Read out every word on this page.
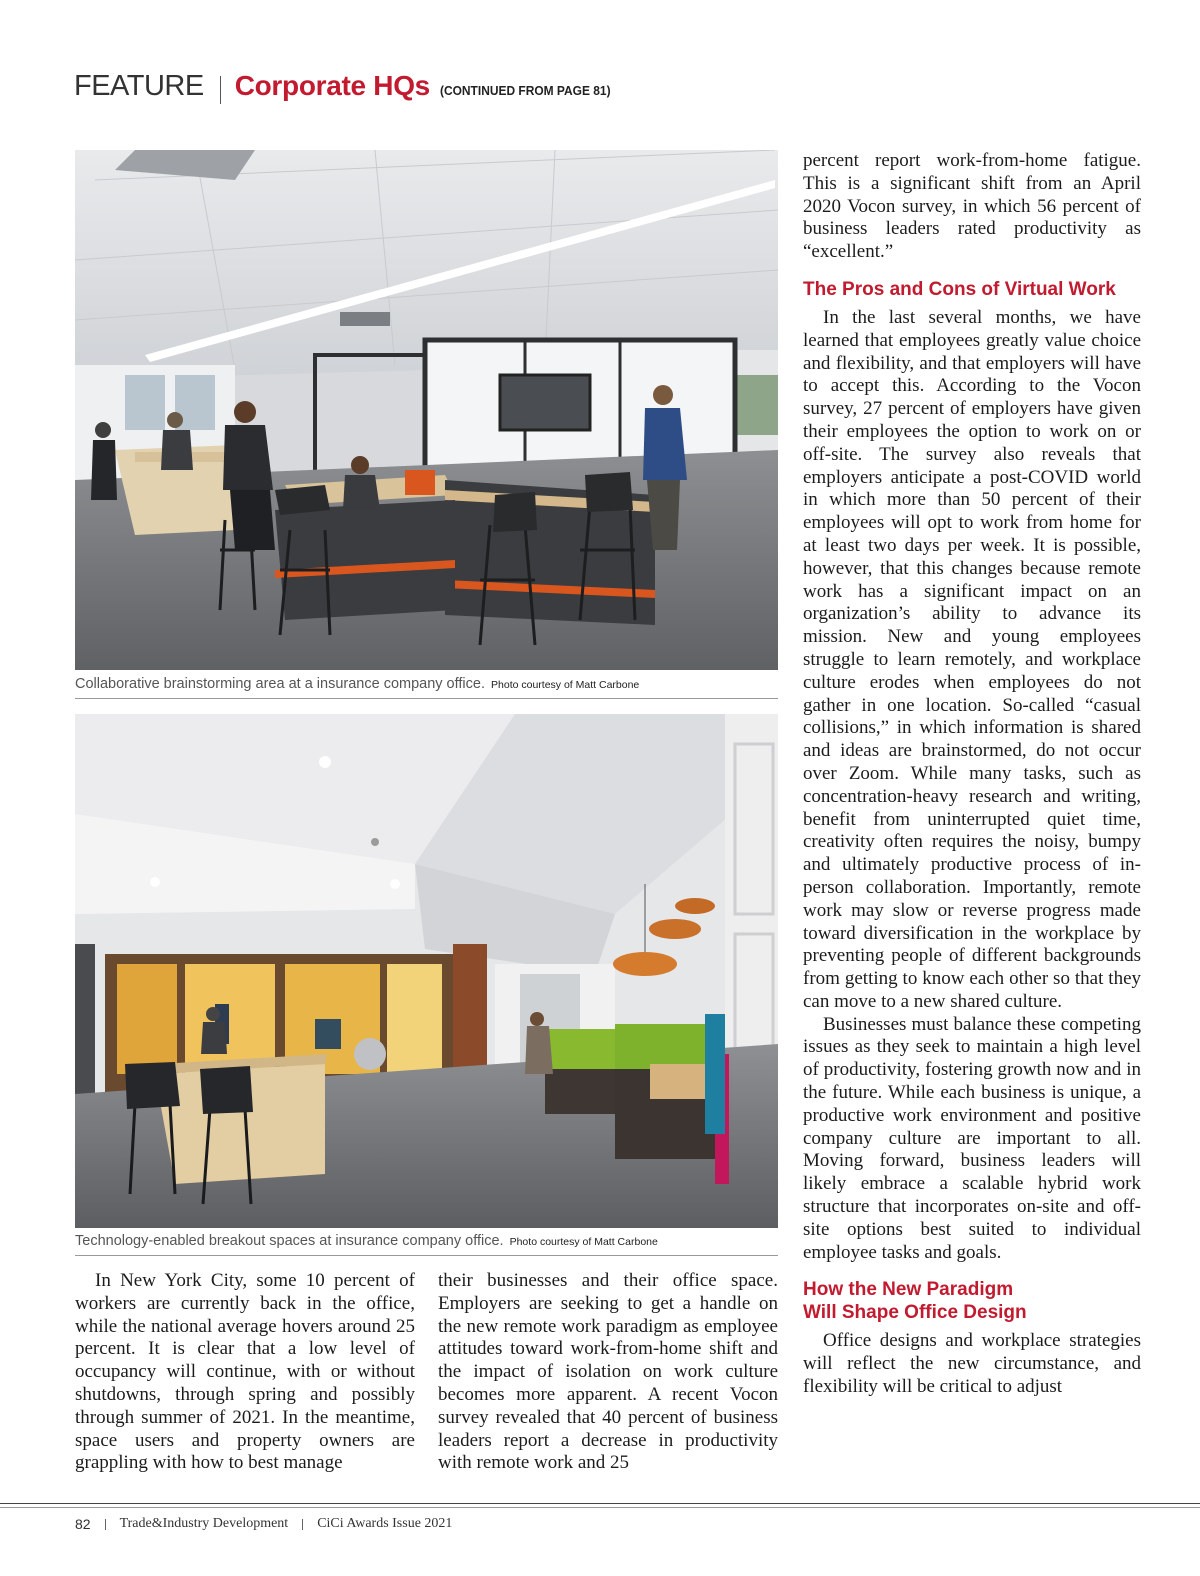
FEATURE Corporate HQs (CONTINUED FROM PAGE 81)
Collaborative brainstorming area at a insurance company office. Photo courtesy of Matt Carbone
Technology-enabled breakout spaces at insurance company office. Photo courtesy of Matt Carbone

In New York City, some 10 percent of workers are currently back in the office, while the national average hovers around 25 percent. It is clear that a low level of occupancy will continue, with or without shutdowns, through spring and possibly through summer of 2021. In the meantime, space users and property owners are grappling with how to best manage

their businesses and their office space. Employers are seeking to get a handle on the new remote work paradigm as employee attitudes toward work-from-home shift and the impact of isolation on work culture becomes more apparent. A recent Vocon survey revealed that 40 percent of business leaders report a decrease in productivity with remote work and 25

percent report work-from-home fatigue. This is a significant shift from an April 2020 Vocon survey, in which 56 percent of business leaders rated productivity as “excellent.”

The Pros and Cons of Virtual Work

In the last several months, we have learned that employees greatly value choice and flexibility, and that employers will have to accept this. According to the Vocon survey, 27 percent of employers have given their employees the option to work on or off-site. The survey also reveals that employers anticipate a post-COVID world in which more than 50 percent of their employees will opt to work from home for at least two days per week. It is possible, however, that this changes because remote work has a significant impact on an organization’s ability to advance its mission. New and young employees struggle to learn remotely, and workplace culture erodes when employees do not gather in one location. So-called “casual collisions,” in which information is shared and ideas are brainstormed, do not occur over Zoom. While many tasks, such as concentration-heavy research and writing, benefit from uninterrupted quiet time, creativity often requires the noisy, bumpy and ultimately productive process of in-person collaboration. Importantly, remote work may slow or reverse progress made toward diversification in the workplace by preventing people of different backgrounds from getting to know each other so that they can move to a new shared culture.

Businesses must balance these competing issues as they seek to maintain a high level of productivity, fostering growth now and in the future. While each business is unique, a productive work environment and positive company culture are important to all. Moving forward, business leaders will likely embrace a scalable hybrid work structure that incorporates on-site and off-site options best suited to individual employee tasks and goals.

How the New Paradigm
Will Shape Office Design

Office designs and workplace strategies will reflect the new circumstance, and flexibility will be critical to adjust

82 Trade&Industry Development CiCi Awards Issue 2021
